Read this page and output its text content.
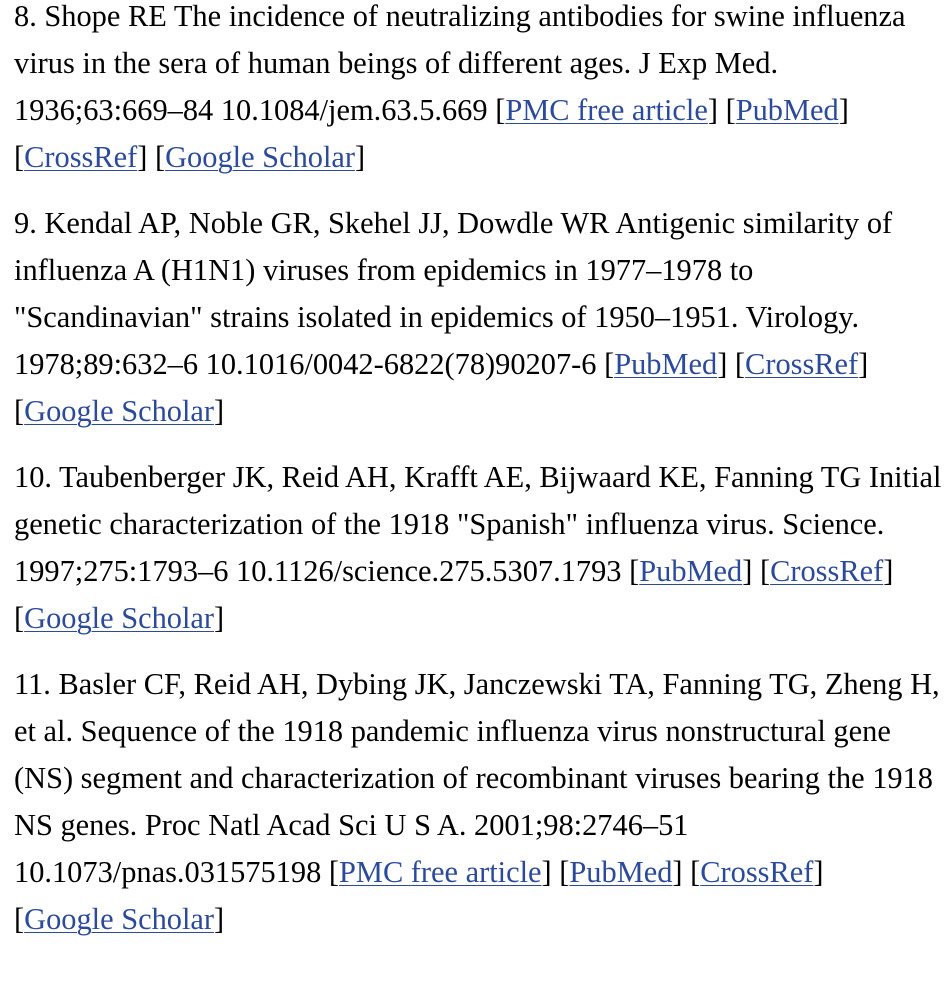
8. Shope RE The incidence of neutralizing antibodies for swine influenza virus in the sera of human beings of different ages. J Exp Med. 1936;63:669–84 10.1084/jem.63.5.669 [PMC free article] [PubMed] [CrossRef] [Google Scholar]
9. Kendal AP, Noble GR, Skehel JJ, Dowdle WR Antigenic similarity of influenza A (H1N1) viruses from epidemics in 1977–1978 to "Scandinavian" strains isolated in epidemics of 1950–1951. Virology. 1978;89:632–6 10.1016/0042-6822(78)90207-6 [PubMed] [CrossRef] [Google Scholar]
10. Taubenberger JK, Reid AH, Krafft AE, Bijwaard KE, Fanning TG Initial genetic characterization of the 1918 "Spanish" influenza virus. Science. 1997;275:1793–6 10.1126/science.275.5307.1793 [PubMed] [CrossRef] [Google Scholar]
11. Basler CF, Reid AH, Dybing JK, Janczewski TA, Fanning TG, Zheng H, et al. Sequence of the 1918 pandemic influenza virus nonstructural gene (NS) segment and characterization of recombinant viruses bearing the 1918 NS genes. Proc Natl Acad Sci U S A. 2001;98:2746–51 10.1073/pnas.031575198 [PMC free article] [PubMed] [CrossRef] [Google Scholar]
